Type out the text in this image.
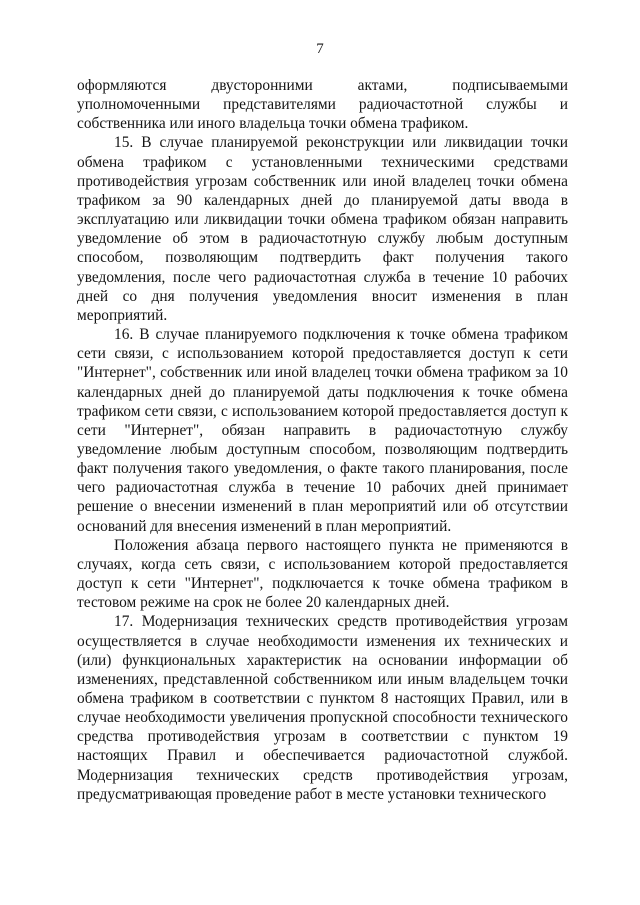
7

оформляются двусторонними актами, подписываемыми уполномоченными представителями радиочастотной службы и собственника или иного владельца точки обмена трафиком.

15. В случае планируемой реконструкции или ликвидации точки обмена трафиком с установленными техническими средствами противодействия угрозам собственник или иной владелец точки обмена трафиком за 90 календарных дней до планируемой даты ввода в эксплуатацию или ликвидации точки обмена трафиком обязан направить уведомление об этом в радиочастотную службу любым доступным способом, позволяющим подтвердить факт получения такого уведомления, после чего радиочастотная служба в течение 10 рабочих дней со дня получения уведомления вносит изменения в план мероприятий.

16. В случае планируемого подключения к точке обмена трафиком сети связи, с использованием которой предоставляется доступ к сети "Интернет", собственник или иной владелец точки обмена трафиком за 10 календарных дней до планируемой даты подключения к точке обмена трафиком сети связи, с использованием которой предоставляется доступ к сети "Интернет", обязан направить в радиочастотную службу уведомление любым доступным способом, позволяющим подтвердить факт получения такого уведомления, о факте такого планирования, после чего радиочастотная служба в течение 10 рабочих дней принимает решение о внесении изменений в план мероприятий или об отсутствии оснований для внесения изменений в план мероприятий.

Положения абзаца первого настоящего пункта не применяются в случаях, когда сеть связи, с использованием которой предоставляется доступ к сети "Интернет", подключается к точке обмена трафиком в тестовом режиме на срок не более 20 календарных дней.

17. Модернизация технических средств противодействия угрозам осуществляется в случае необходимости изменения их технических и (или) функциональных характеристик на основании информации об изменениях, представленной собственником или иным владельцем точки обмена трафиком в соответствии с пунктом 8 настоящих Правил, или в случае необходимости увеличения пропускной способности технического средства противодействия угрозам в соответствии с пунктом 19 настоящих Правил и обеспечивается радиочастотной службой. Модернизация технических средств противодействия угрозам, предусматривающая проведение работ в месте установки технического
